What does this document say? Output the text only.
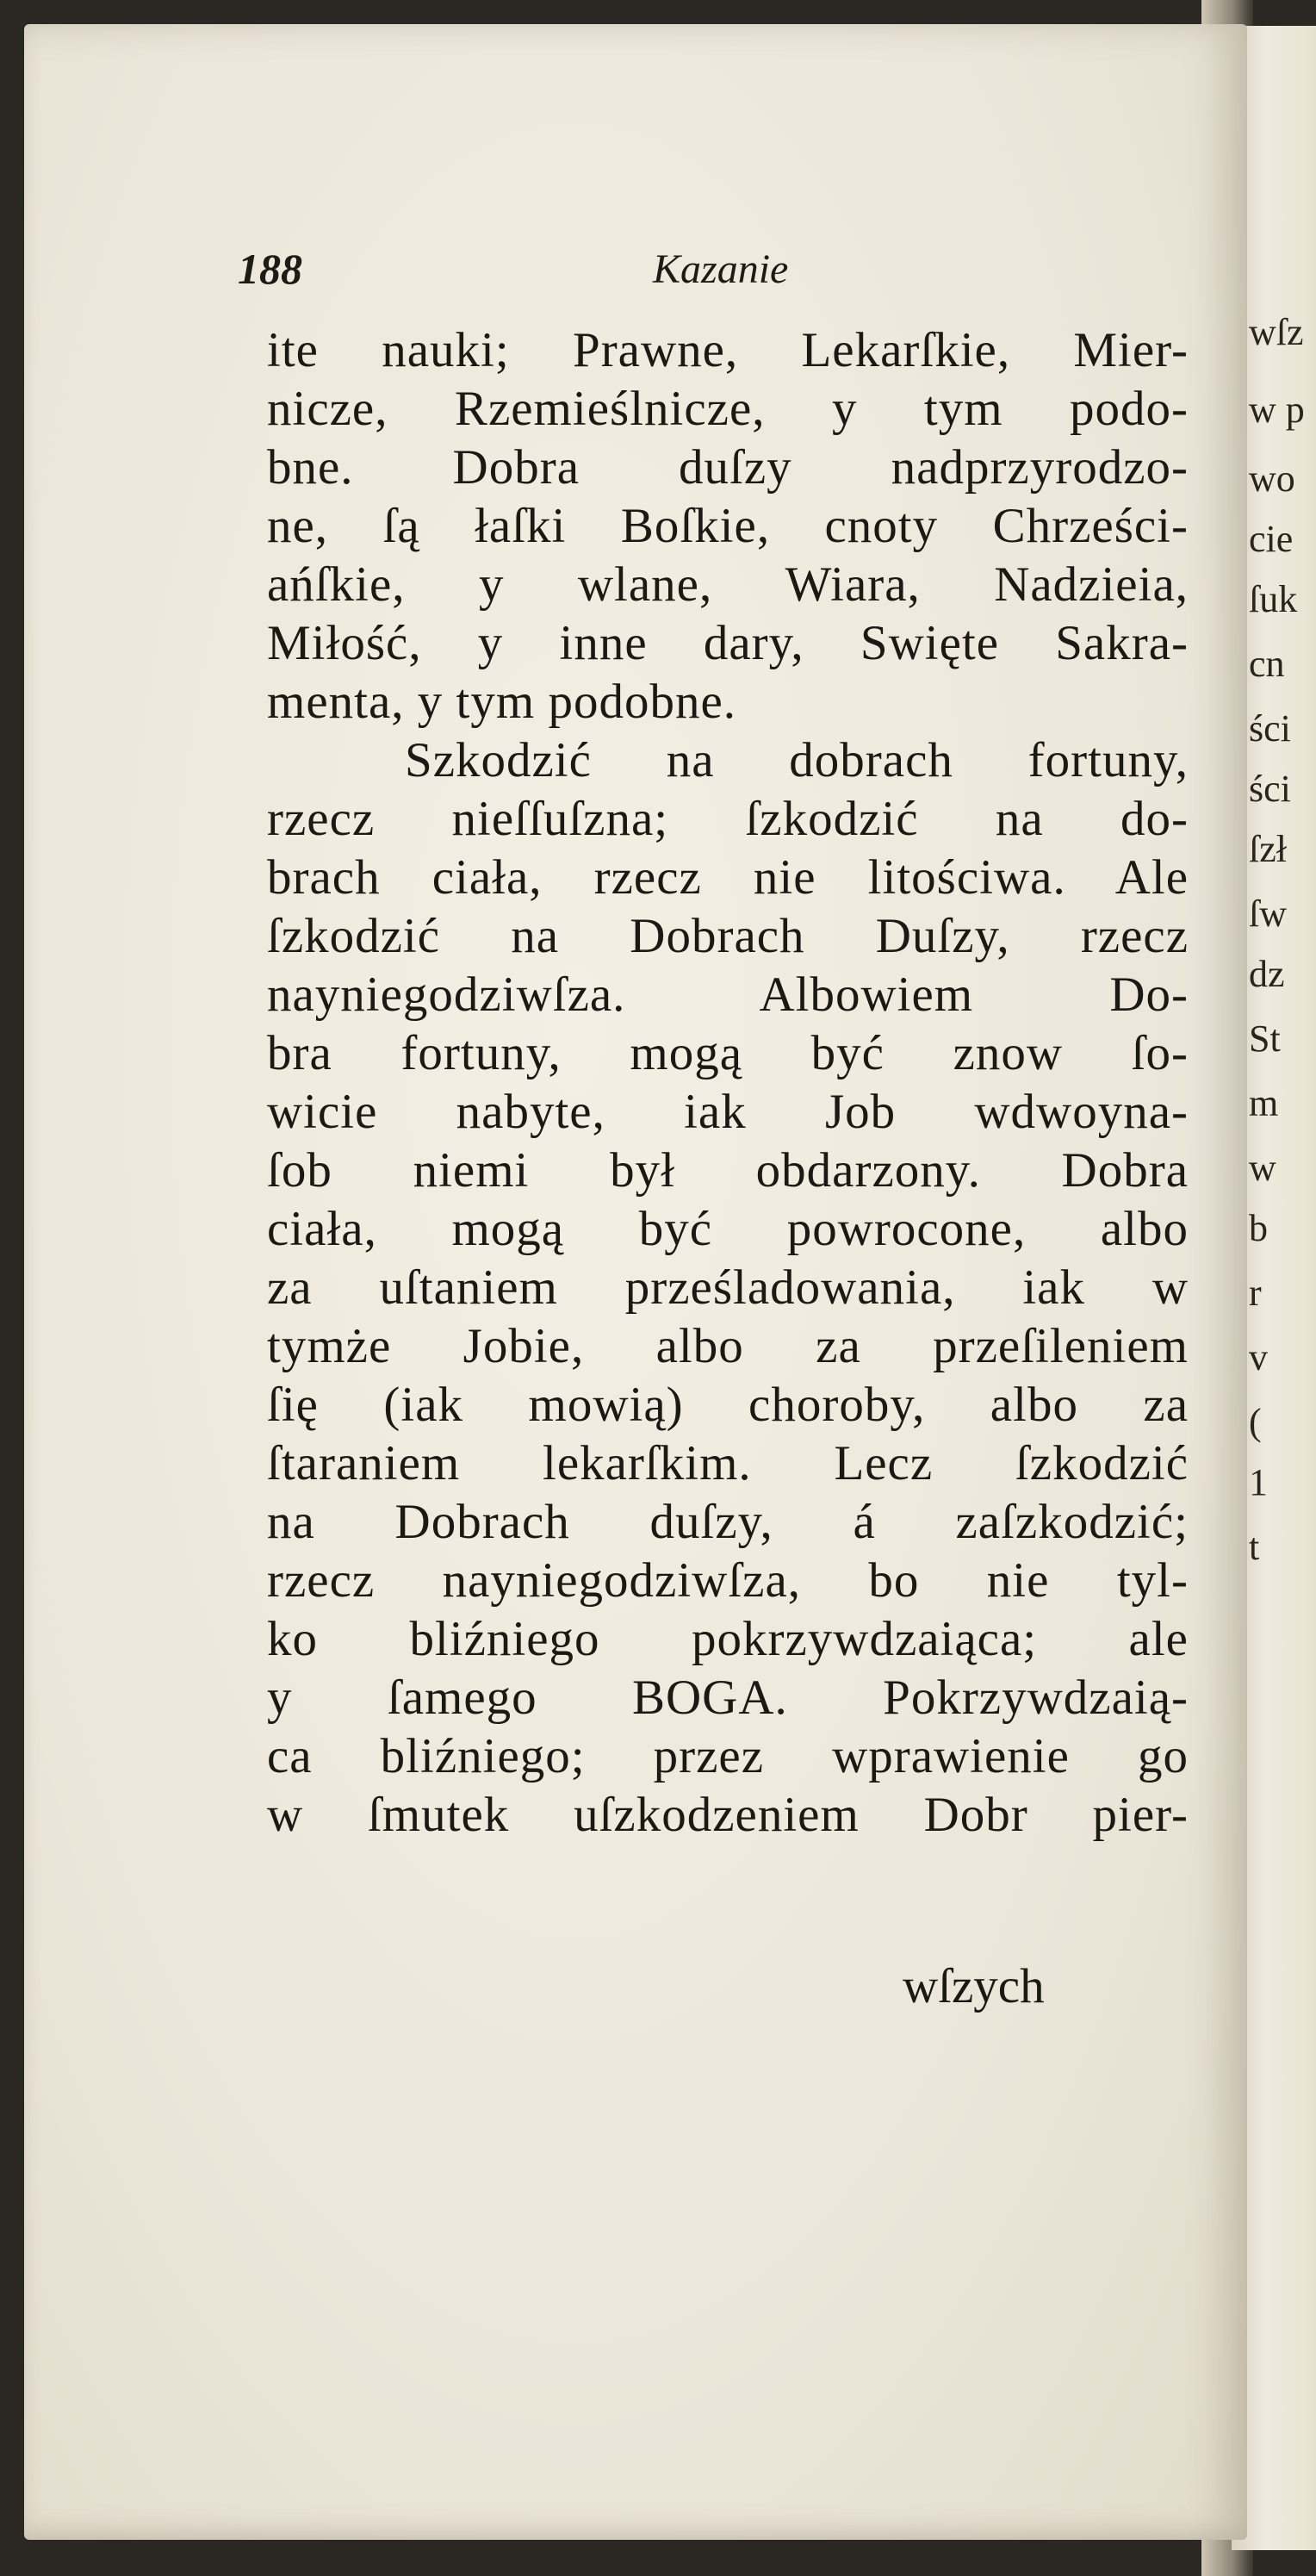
wſz
w p
wo
cie
ſuk
cn
ści
ści
ſzł
ſw
dz
St
m
w
b
r
v
(
1
t
188	Kazanie
ite nauki; Prawne, Lekarſkie, Mier-
nicze, Rzemieślnicze, y tym podo-
bne. Dobra duſzy nadprzyrodzo-
ne, ſą łaſki Boſkie, cnoty Chrześci-
ańſkie, y wlane, Wiara, Nadzieia,
Miłość, y inne dary, Swięte Sakra-
menta, y tym podobne.
Szkodzić na dobrach fortuny,
rzecz nieſſuſzna; ſzkodzić na do-
brach ciała, rzecz nie litościwa. Ale
ſzkodzić na Dobrach Duſzy, rzecz
nayniegodziwſza. Albowiem Do-
bra fortuny, mogą być znow ſo-
wicie nabyte, iak Job wdwoyna-
ſob niemi był obdarzony. Dobra
ciała, mogą być powrocone, albo
za uſtaniem prześladowania, iak w
tymże Jobie, albo za przeſileniem
ſię (iak mowią) choroby, albo za
ſtaraniem lekarſkim. Lecz ſzkodzić
na Dobrach duſzy, á zaſzkodzić;
rzecz nayniegodziwſza, bo nie tyl-
ko bliźniego pokrzywdzaiąca; ale
y ſamego BOGA. Pokrzywdzaią-
ca bliźniego; przez wprawienie go
w ſmutek uſzkodzeniem Dobr pier-
wſzych
